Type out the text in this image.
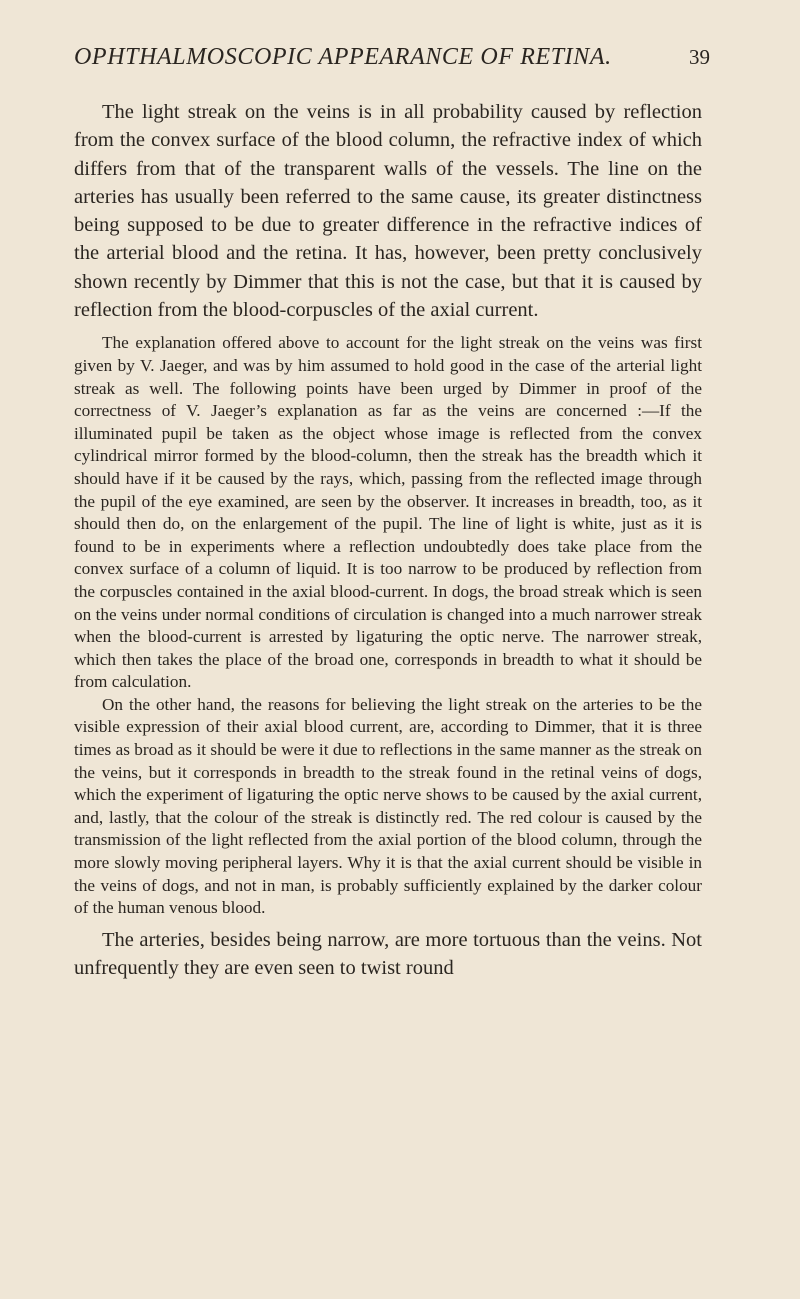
OPHTHALMOSCOPIC APPEARANCE OF RETINA.	39

The light streak on the veins is in all probability caused by reflection from the convex surface of the blood column, the refractive index of which differs from that of the transparent walls of the vessels. The line on the arteries has usually been referred to the same cause, its greater distinctness being supposed to be due to greater difference in the refractive indices of the arterial blood and the retina. It has, however, been pretty conclusively shown recently by Dimmer that this is not the case, but that it is caused by reflection from the blood-corpuscles of the axial current.

The explanation offered above to account for the light streak on the veins was first given by V. Jaeger, and was by him assumed to hold good in the case of the arterial light streak as well. The following points have been urged by Dimmer in proof of the correctness of V. Jaeger’s explanation as far as the veins are concerned :—If the illuminated pupil be taken as the object whose image is reflected from the convex cylindrical mirror formed by the blood-column, then the streak has the breadth which it should have if it be caused by the rays, which, passing from the reflected image through the pupil of the eye examined, are seen by the observer. It increases in breadth, too, as it should then do, on the enlargement of the pupil. The line of light is white, just as it is found to be in experiments where a reflection undoubtedly does take place from the convex surface of a column of liquid. It is too narrow to be produced by reflection from the corpuscles contained in the axial blood-current. In dogs, the broad streak which is seen on the veins under normal conditions of circulation is changed into a much narrower streak when the blood-current is arrested by ligaturing the optic nerve. The narrower streak, which then takes the place of the broad one, corresponds in breadth to what it should be from calculation.

On the other hand, the reasons for believing the light streak on the arteries to be the visible expression of their axial blood current, are, according to Dimmer, that it is three times as broad as it should be were it due to reflections in the same manner as the streak on the veins, but it corresponds in breadth to the streak found in the retinal veins of dogs, which the experiment of ligaturing the optic nerve shows to be caused by the axial current, and, lastly, that the colour of the streak is distinctly red. The red colour is caused by the transmission of the light reflected from the axial portion of the blood column, through the more slowly moving peripheral layers. Why it is that the axial current should be visible in the veins of dogs, and not in man, is probably sufficiently explained by the darker colour of the human venous blood.

The arteries, besides being narrow, are more tortuous than the veins. Not unfrequently they are even seen to twist round
